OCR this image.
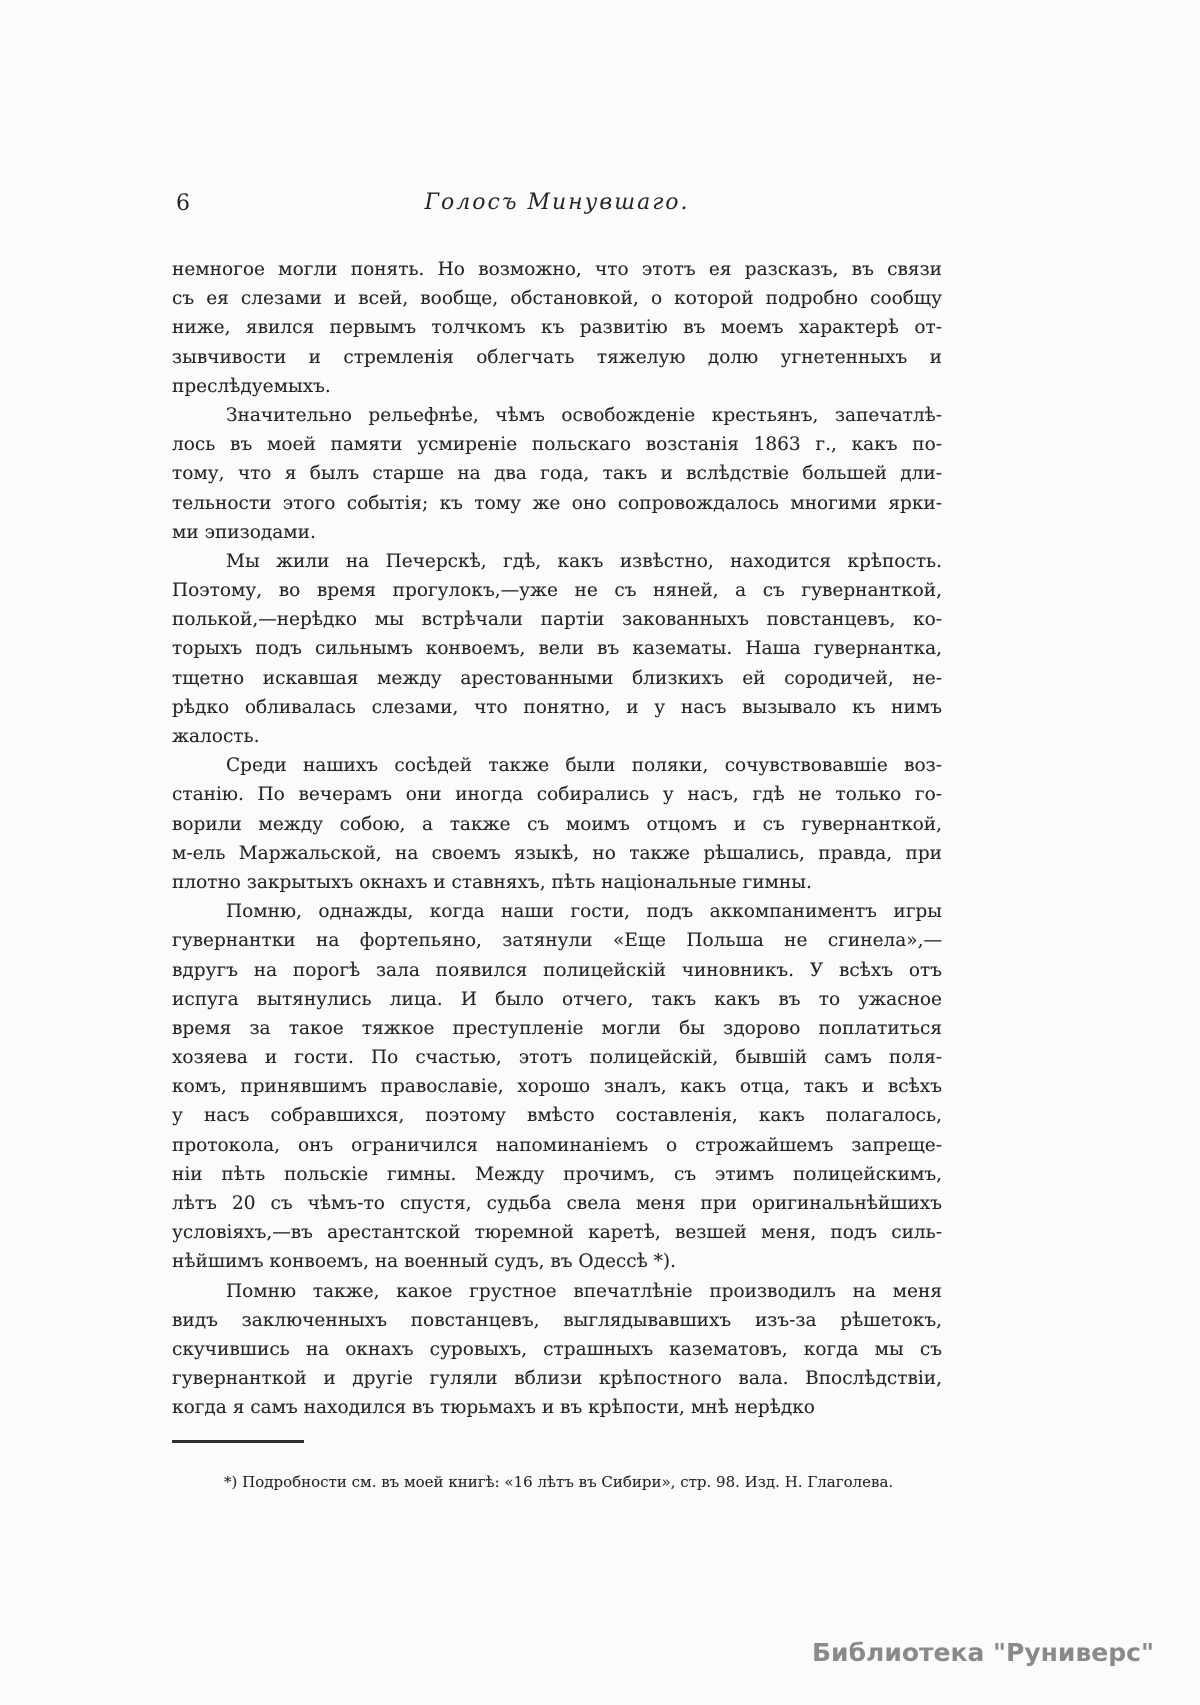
6	Голосъ Минувшаго.
немногое могли понять. Но возможно, что этотъ ея разсказъ, въ связи
съ ея слезами и всей, вообще, обстановкой, о которой подробно сообщу
ниже, явился первымъ толчкомъ къ развитію въ моемъ характерѣ от-
зывчивости и стремленія облегчать тяжелую долю угнетенныхъ и
преслѣдуемыхъ.
Значительно рельефнѣе, чѣмъ освобожденіе крестьянъ, запечатлѣ-
лось въ моей памяти усмиреніе польскаго возстанія 1863 г., какъ по-
тому, что я былъ старше на два года, такъ и вслѣдствіе большей дли-
тельности этого событія; къ тому же оно сопровождалось многими ярки-
ми эпизодами.
Мы жили на Печерскѣ, гдѣ, какъ извѣстно, находится крѣпость.
Поэтому, во время прогулокъ,—уже не съ няней, а съ гувернанткой,
полькой,—нерѣдко мы встрѣчали партіи закованныхъ повстанцевъ, ко-
торыхъ подъ сильнымъ конвоемъ, вели въ казематы. Наша гувернантка,
тщетно искавшая между арестованными близкихъ ей сородичей, не-
рѣдко обливалась слезами, что понятно, и у насъ вызывало къ нимъ
жалость.
Среди нашихъ сосѣдей также были поляки, сочувствовавшіе воз-
станію. По вечерамъ они иногда собирались у насъ, гдѣ не только го-
ворили между собою, а также съ моимъ отцомъ и съ гувернанткой,
м-ель Маржальской, на своемъ языкѣ, но также рѣшались, правда, при
плотно закрытыхъ окнахъ и ставняхъ, пѣть національные гимны.
Помню, однажды, когда наши гости, подъ аккомпаниментъ игры
гувернантки на фортепьяно, затянули «Еще Польша не сгинела»,—
вдругъ на порогѣ зала появился полицейскій чиновникъ. У всѣхъ отъ
испуга вытянулись лица. И было отчего, такъ какъ въ то ужасное
время за такое тяжкое преступленіе могли бы здорово поплатиться
хозяева и гости. По счастью, этотъ полицейскій, бывшій самъ поля-
комъ, принявшимъ православіе, хорошо зналъ, какъ отца, такъ и всѣхъ
у насъ собравшихся, поэтому вмѣсто составленія, какъ полагалось,
протокола, онъ ограничился напоминаніемъ о строжайшемъ запреще-
ніи пѣть польскіе гимны. Между прочимъ, съ этимъ полицейскимъ,
лѣтъ 20 съ чѣмъ-то спустя, судьба свела меня при оригинальнѣйшихъ
условіяхъ,—въ арестантской тюремной каретѣ, везшей меня, подъ силь-
нѣйшимъ конвоемъ, на военный судъ, въ Одессѣ *).
Помню также, какое грустное впечатлѣніе производилъ на меня
видъ заключенныхъ повстанцевъ, выглядывавшихъ изъ-за рѣшетокъ,
скучившись на окнахъ суровыхъ, страшныхъ казематовъ, когда мы съ
гувернанткой и другіе гуляли вблизи крѣпостного вала. Впослѣдствіи,
когда я самъ находился въ тюрьмахъ и въ крѣпости, мнѣ нерѣдко
*) Подробности см. въ моей книгѣ: «16 лѣтъ въ Сибири», стр. 98. Изд. Н. Глаголева.
Библиотека "Руниверс"
